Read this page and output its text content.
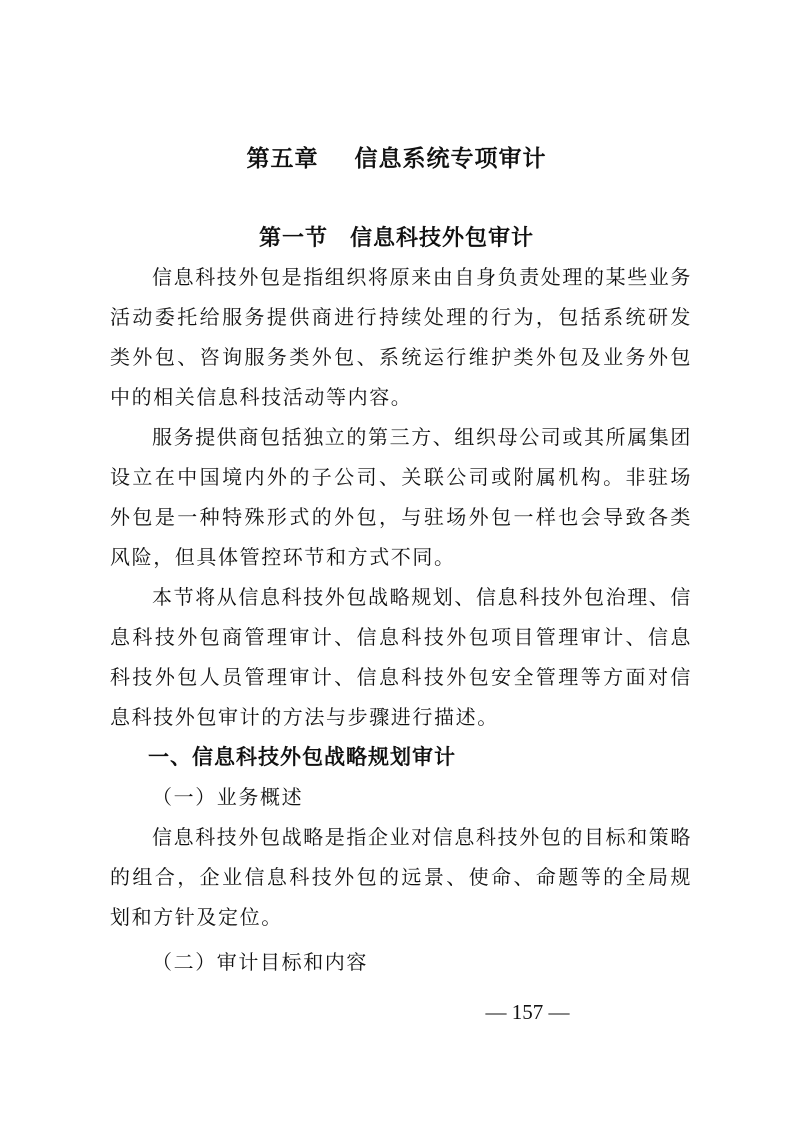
第五章 信息系统专项审计
第一节 信息科技外包审计

信息科技外包是指组织将原来由自身负责处理的某些业务活动委托给服务提供商进行持续处理的行为，包括系统研发类外包、咨询服务类外包、系统运行维护类外包及业务外包中的相关信息科技活动等内容。

服务提供商包括独立的第三方、组织母公司或其所属集团设立在中国境内外的子公司、关联公司或附属机构。非驻场外包是一种特殊形式的外包，与驻场外包一样也会导致各类风险，但具体管控环节和方式不同。

本节将从信息科技外包战略规划、信息科技外包治理、信息科技外包商管理审计、信息科技外包项目管理审计、信息科技外包人员管理审计、信息科技外包安全管理等方面对信息科技外包审计的方法与步骤进行描述。

一、信息科技外包战略规划审计

（一）业务概述

信息科技外包战略是指企业对信息科技外包的目标和策略的组合，企业信息科技外包的远景、使命、命题等的全局规划和方针及定位。

（二）审计目标和内容

— 157 —
